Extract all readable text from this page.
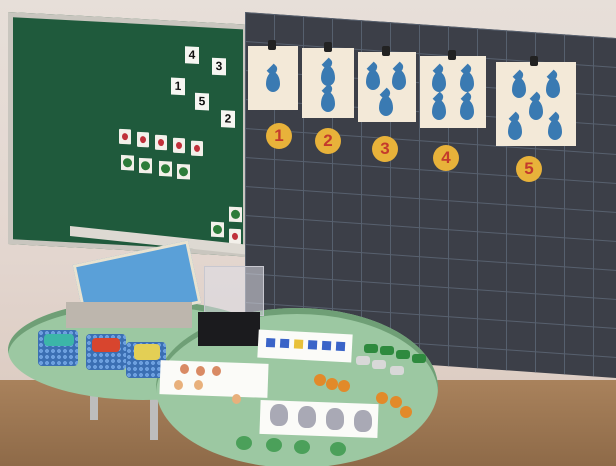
4
3
1
5
2
1	2	3	4
5
